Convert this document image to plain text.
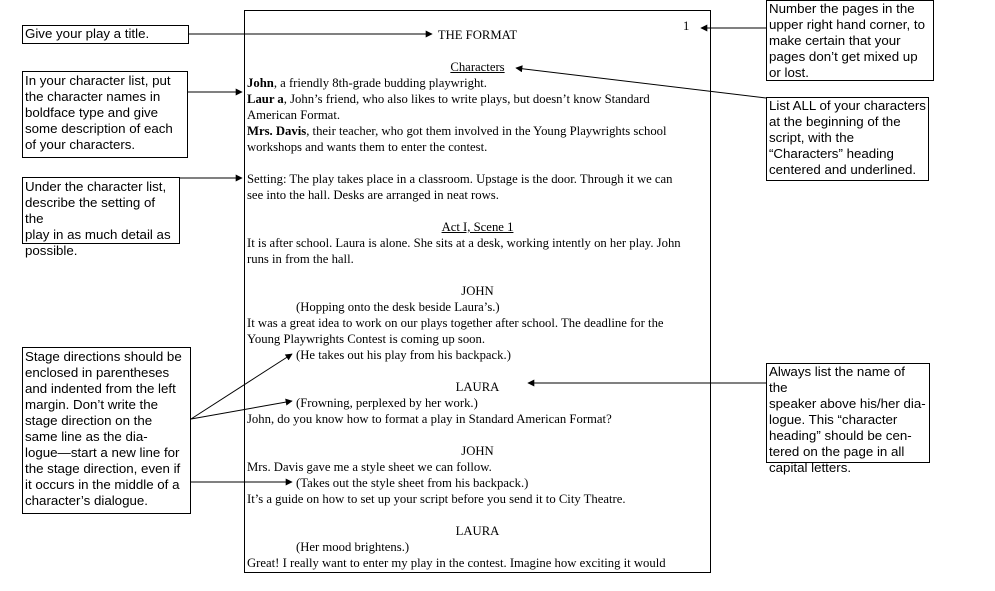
Give your play a title.
In your character list, put
the character names in
boldface type and give
some description of each
of your characters.
Under the character list,
describe the setting of the
play in as much detail as
possible.
Stage directions should be
enclosed in parentheses
and indented from the left
margin. Don’t write the
stage direction on the
same line as the dia-
logue—start a new line for
the stage direction, even if
it occurs in the middle of a
character’s dialogue.
Number the pages in the
upper right hand corner, to
make certain that your
pages don’t get mixed up
or lost.
List ALL of your characters
at the beginning of the
script, with the
“Characters” heading
centered and underlined.
Always list the name of the
speaker above his/her dia-
logue. This “character
heading” should be cen-
tered on the page in all
capital letters.
1
THE FORMAT
Characters
John, a friendly 8th-grade budding playwright.
Laur a, John’s friend, who also likes to write plays, but doesn’t know Standard
American Format.
Mrs. Davis, their teacher, who got them involved in the Young Playwrights school
workshops and wants them to enter the contest.
Setting: The play takes place in a classroom. Upstage is the door. Through it we can
see into the hall. Desks are arranged in neat rows.
Act I, Scene 1
It is after school. Laura is alone. She sits at a desk, working intently on her play. John
runs in from the hall.
JOHN
(Hopping onto the desk beside Laura’s.)
It was a great idea to work on our plays together after school. The deadline for the
Young Playwrights Contest is coming up soon.
(He takes out his play from his backpack.)
LAURA
(Frowning, perplexed by her work.)
John, do you know how to format a play in Standard American Format?
JOHN
Mrs. Davis gave me a style sheet we can follow.
(Takes out the style sheet from his backpack.)
It’s a guide on how to set up your script before you send it to City Theatre.
LAURA
(Her mood brightens.)
Great! I really want to enter my play in the contest. Imagine how exciting it would
